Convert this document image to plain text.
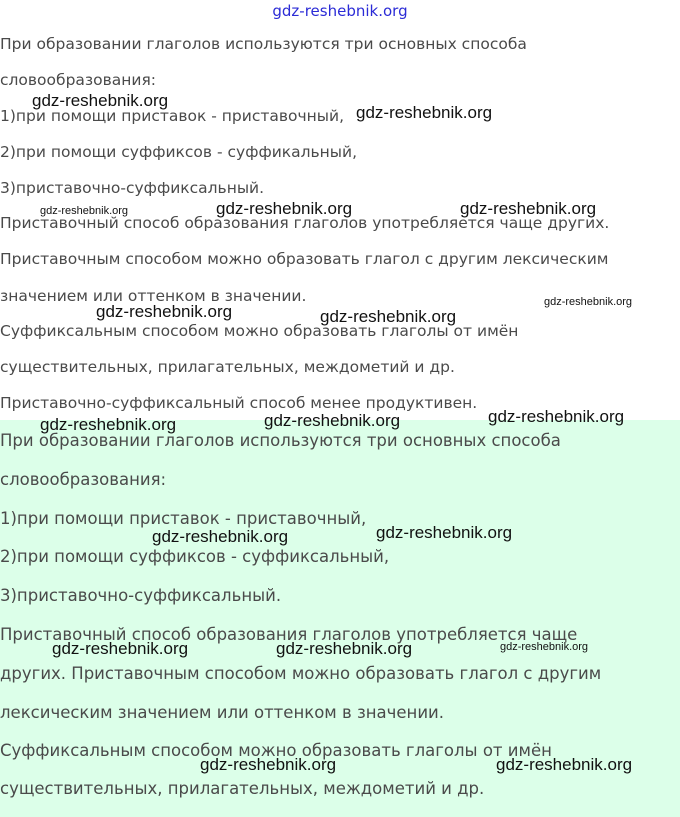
gdz-reshebnik.org
При образовании глаголов используются три основных способа
словообразования:
1)при помощи приставок - приставочный,
2)при помощи суффиксов - суффикальный,
3)приставочно-суффиксальный.
Приставочный способ образования глаголов употребляется чаще других.
Приставочным способом можно образовать глагол с другим лексическим
значением или оттенком в значении.
Суффиксальным способом можно образовать глаголы от имён
существительных, прилагательных, междометий и др.
Приставочно-суффиксальный способ менее продуктивен.
При образовании глаголов используются три основных способа
словообразования:
1)при помощи приставок - приставочный,
2)при помощи суффиксов - суффиксальный,
3)приставочно-суффиксальный.
Приставочный способ образования глаголов употребляется чаще
других. Приставочным способом можно образовать глагол с другим
лексическим значением или оттенком в значении.
Суффиксальным способом можно образовать глаголы от имён
существительных, прилагательных, междометий и др.
gdz-reshebnik.org
gdz-reshebnik.org
gdz-reshebnik.org	gdz-reshebnik.org	gdz-reshebnik.org
gdz-reshebnik.org
gdz-reshebnik.org	gdz-reshebnik.org
gdz-reshebnik.org
gdz-reshebnik.org
gdz-reshebnik.org
gdz-reshebnik.org
gdz-reshebnik.org
gdz-reshebnik.org
gdz-reshebnik.org	gdz-reshebnik.org
gdz-reshebnik.org	gdz-reshebnik.org
